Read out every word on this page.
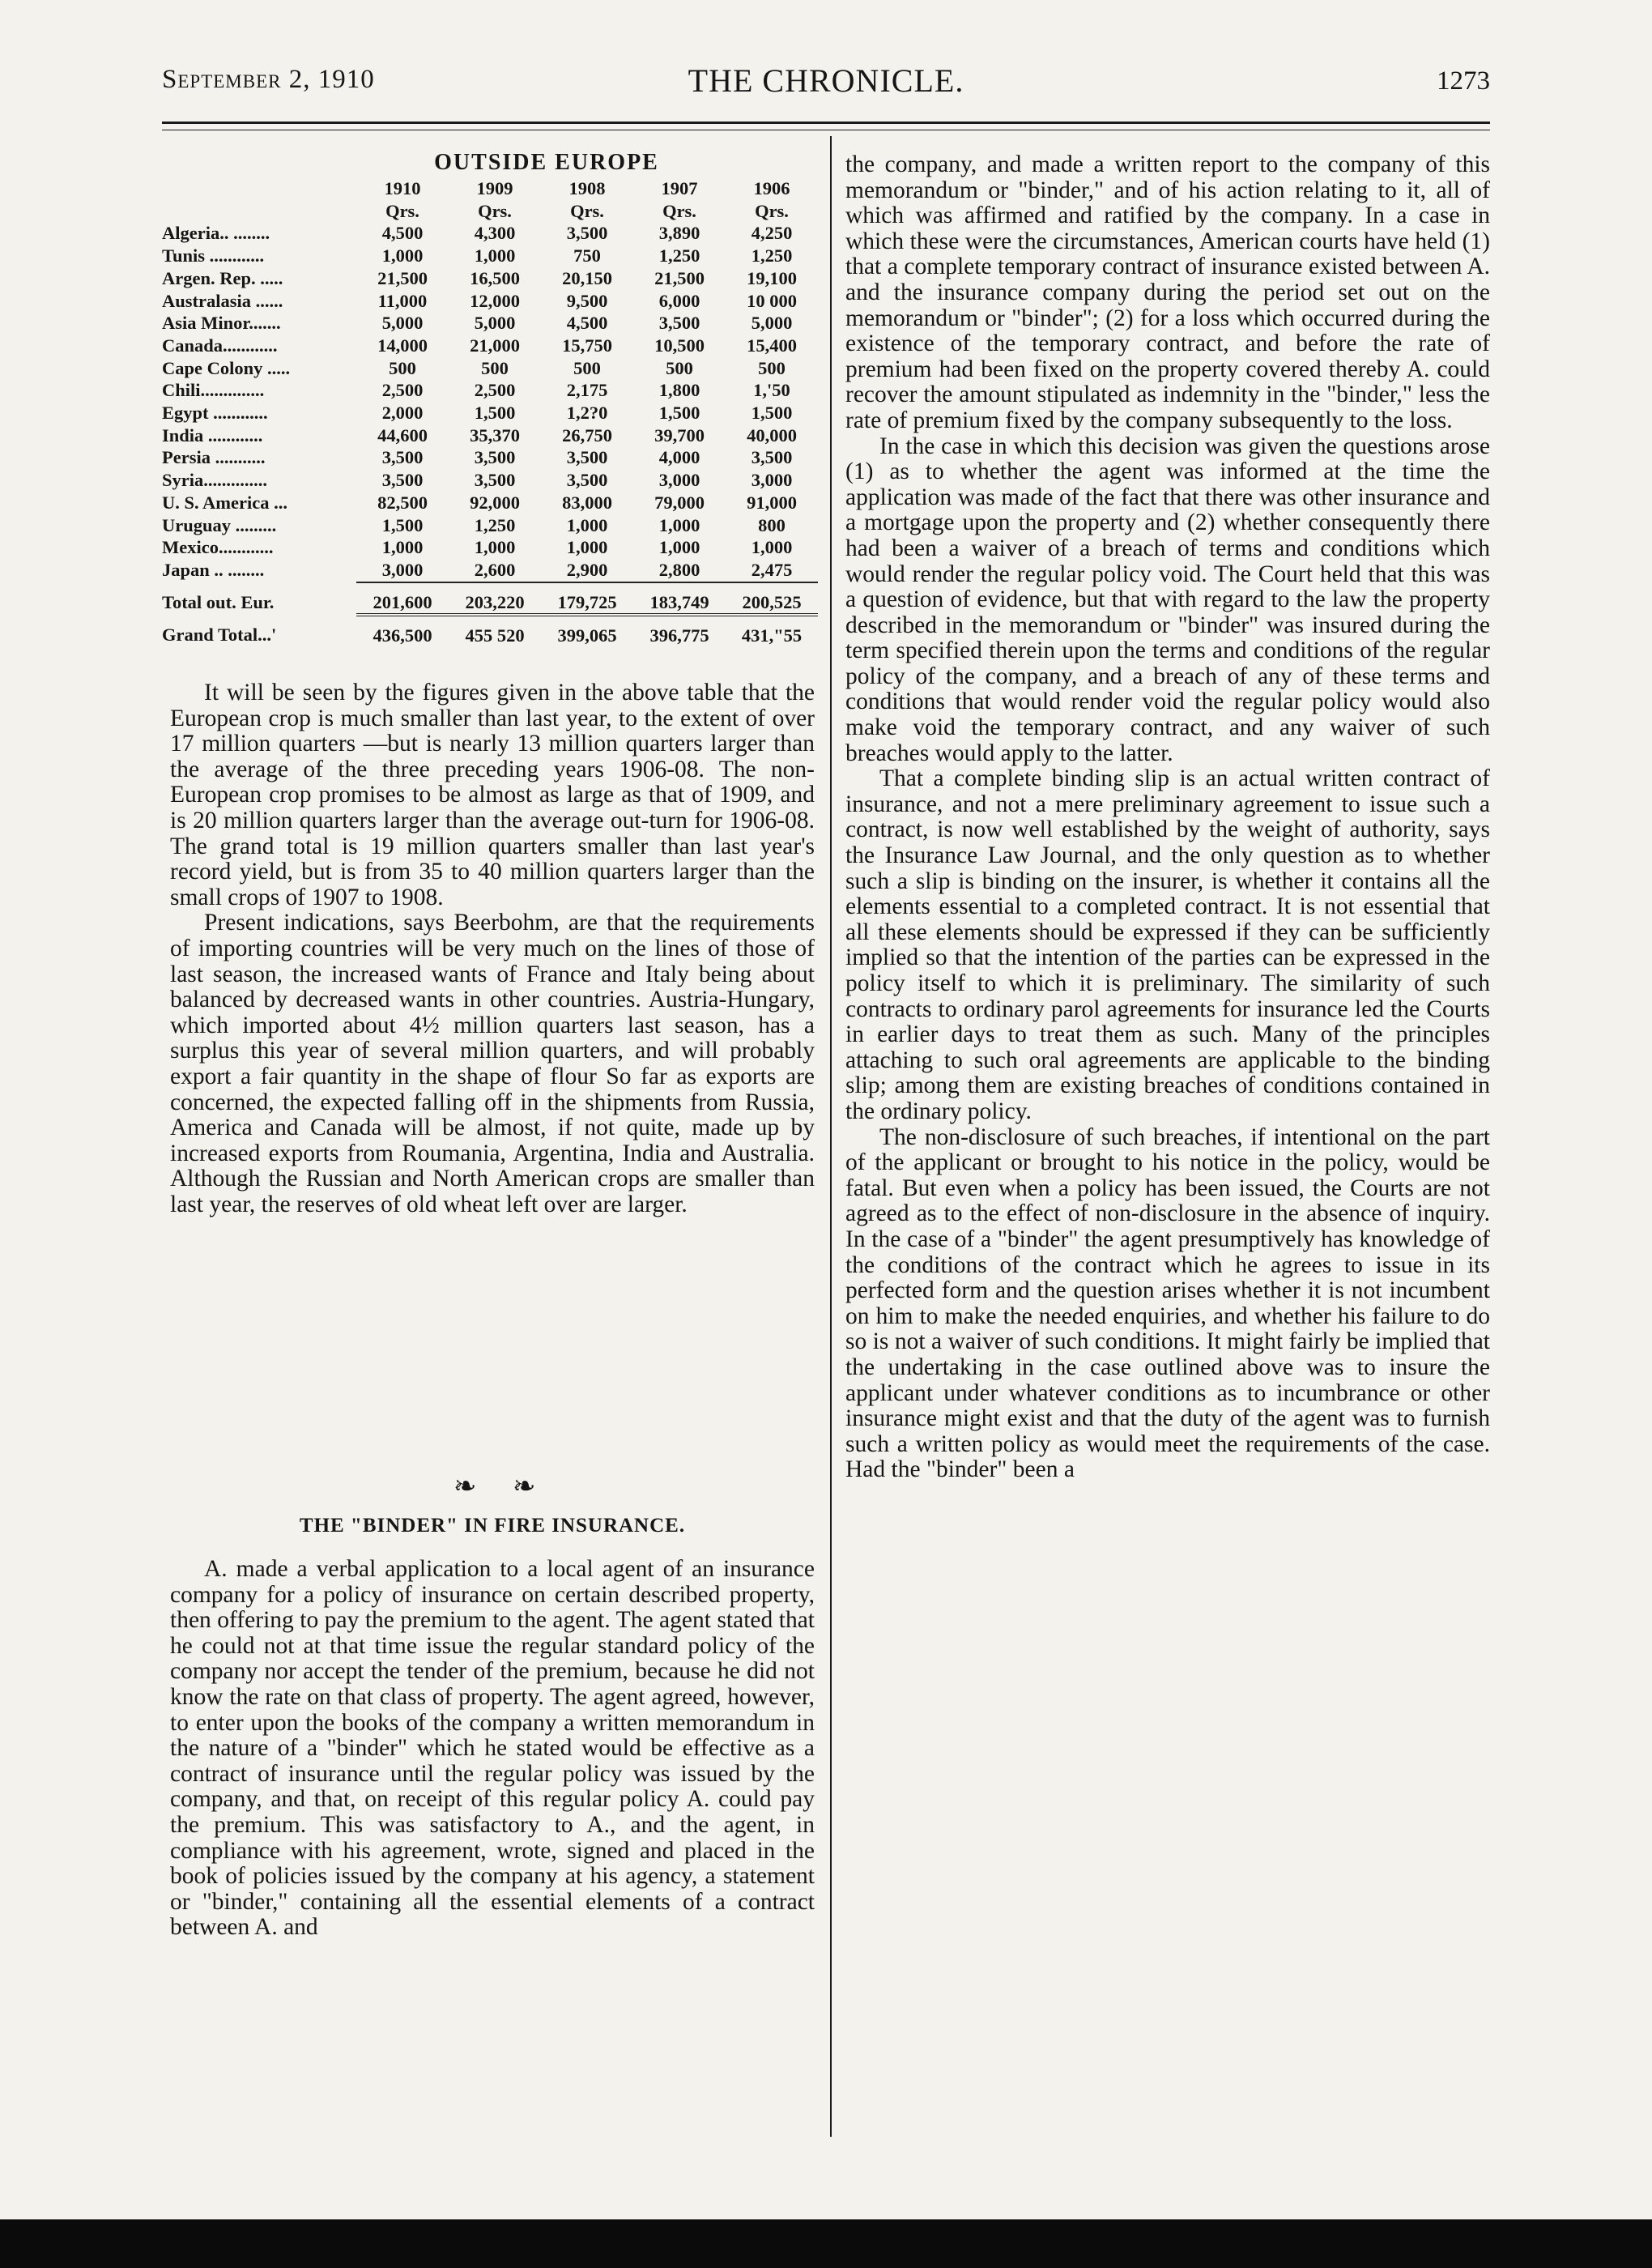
September 2, 1910	THE CHRONICLE.	1273
OUTSIDE EUROPE
	1910	1909	1908	1907	1906
	Qrs.	Qrs.	Qrs.	Qrs.	Qrs.
Algeria.. ........	4,500	4,300	3,500	3,890	4,250
Tunis ............	1,000	1,000	750	1,250	1,250
Argen. Rep. .....	21,500	16,500	20,150	21,500	19,100
Australasia ......	11,000	12,000	9,500	6,000	10 000
Asia Minor.......	5,000	5,000	4,500	3,500	5,000
Canada............	14,000	21,000	15,750	10,500	15,400
Cape Colony .....	500	500	500	500	500
Chili..............	2,500	2,500	2,175	1,800	1,'50
Egypt ............	2,000	1,500	1,2?0	1,500	1,500
India ............	44,600	35,370	26,750	39,700	40,000
Persia ...........	3,500	3,500	3,500	4,000	3,500
Syria..............	3,500	3,500	3,500	3,000	3,000
U. S. America ...	82,500	92,000	83,000	79,000	91,000
Uruguay .........	1,500	1,250	1,000	1,000	800
Mexico............	1,000	1,000	1,000	1,000	1,000
Japan .. ........	3,000	2,600	2,900	2,800	2,475
Total out. Eur.	201,600	203,220	179,725	183,749	200,525
Grand Total...'	436,500	455 520	399,065	396,775	431,"55

It will be seen by the figures given in the above table that the European crop is much smaller than last year, to the extent of over 17 million quarters —but is nearly 13 million quarters larger than the average of the three preceding years 1906-08. The non-European crop promises to be almost as large as that of 1909, and is 20 million quarters larger than the average out-turn for 1906-08. The grand total is 19 million quarters smaller than last year's record yield, but is from 35 to 40 million quarters larger than the small crops of 1907 to 1908.

Present indications, says Beerbohm, are that the requirements of importing countries will be very much on the lines of those of last season, the increased wants of France and Italy being about balanced by decreased wants in other countries. Austria-Hungary, which imported about 4½ million quarters last season, has a surplus this year of several million quarters, and will probably export a fair quantity in the shape of flour So far as exports are concerned, the expected falling off in the shipments from Russia, America and Canada will be almost, if not quite, made up by increased exports from Roumania, Argentina, India and Australia. Although the Russian and North American crops are smaller than last year, the reserves of old wheat left over are larger.

❧ ❧
THE "BINDER" IN FIRE INSURANCE.

A. made a verbal application to a local agent of an insurance company for a policy of insurance on certain described property, then offering to pay the premium to the agent. The agent stated that he could not at that time issue the regular standard policy of the company nor accept the tender of the premium, because he did not know the rate on that class of property. The agent agreed, however, to enter upon the books of the company a written memorandum in the nature of a "binder" which he stated would be effective as a contract of insurance until the regular policy was issued by the company, and that, on receipt of this regular policy A. could pay the premium. This was satisfactory to A., and the agent, in compliance with his agreement, wrote, signed and placed in the book of policies issued by the company at his agency, a statement or "binder," containing all the essential elements of a contract between A. and

the company, and made a written report to the company of this memorandum or "binder," and of his action relating to it, all of which was affirmed and ratified by the company. In a case in which these were the circumstances, American courts have held (1) that a complete temporary contract of insurance existed between A. and the insurance company during the period set out on the memorandum or "binder"; (2) for a loss which occurred during the existence of the temporary contract, and before the rate of premium had been fixed on the property covered thereby A. could recover the amount stipulated as indemnity in the "binder," less the rate of premium fixed by the company subsequently to the loss.

In the case in which this decision was given the questions arose (1) as to whether the agent was informed at the time the application was made of the fact that there was other insurance and a mortgage upon the property and (2) whether consequently there had been a waiver of a breach of terms and conditions which would render the regular policy void. The Court held that this was a question of evidence, but that with regard to the law the property described in the memorandum or "binder" was insured during the term specified therein upon the terms and conditions of the regular policy of the company, and a breach of any of these terms and conditions that would render void the regular policy would also make void the temporary contract, and any waiver of such breaches would apply to the latter.

That a complete binding slip is an actual written contract of insurance, and not a mere preliminary agreement to issue such a contract, is now well established by the weight of authority, says the Insurance Law Journal, and the only question as to whether such a slip is binding on the insurer, is whether it contains all the elements essential to a completed contract. It is not essential that all these elements should be expressed if they can be sufficiently implied so that the intention of the parties can be expressed in the policy itself to which it is preliminary. The similarity of such contracts to ordinary parol agreements for insurance led the Courts in earlier days to treat them as such. Many of the principles attaching to such oral agreements are applicable to the binding slip; among them are existing breaches of conditions contained in the ordinary policy.

The non-disclosure of such breaches, if intentional on the part of the applicant or brought to his notice in the policy, would be fatal. But even when a policy has been issued, the Courts are not agreed as to the effect of non-disclosure in the absence of inquiry. In the case of a "binder" the agent presumptively has knowledge of the conditions of the contract which he agrees to issue in its perfected form and the question arises whether it is not incumbent on him to make the needed enquiries, and whether his failure to do so is not a waiver of such conditions. It might fairly be implied that the undertaking in the case outlined above was to insure the applicant under whatever conditions as to incumbrance or other insurance might exist and that the duty of the agent was to furnish such a written policy as would meet the requirements of the case. Had the "binder" been a
